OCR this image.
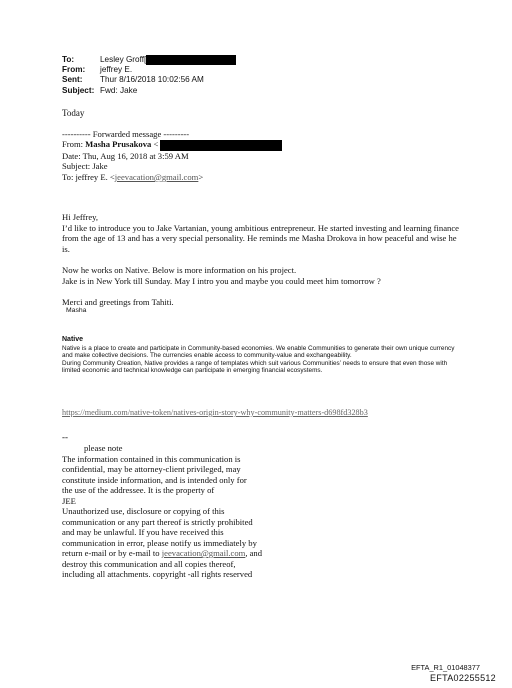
To:	Lesley Groff[
From:	jeffrey E.
Sent:	Thur 8/16/2018 10:02:56 AM
Subject: Fwd: Jake
Today
---------- Forwarded message ---------
From: Masha Prusakova <
Date: Thu, Aug 16, 2018 at 3:59 AM
Subject: Jake
To: jeffrey E. <jeevacation@gmail.com>

Hi Jeffrey,

I’d like to introduce you to Jake Vartanian, young ambitious entrepreneur. He started investing and learning finance from the age of 13 and has a very special personality. He reminds me Masha Drokova in how peaceful and wise he is.

Now he works on Native. Below is more information on his project.

Jake is in New York till Sunday. May I intro you and maybe you could meet him tomorrow ?

Merci and greetings from Tahiti.

Masha

Native
Native is a place to create and participate in Community-based economies. We enable Communities to generate their own unique currency and make collective decisions. The currencies enable access to community-value and exchangeability.
During Community Creation, Native provides a range of templates which suit various Communities’ needs to ensure that even those with limited economic and technical knowledge can participate in emerging financial ecosystems.
https://medium.com/native-token/natives-origin-story-why-community-matters-d698fd328b3
--
please note
The information contained in this communication is
confidential, may be attorney-client privileged, may
constitute inside information, and is intended only for
the use of the addressee. It is the property of
JEE
Unauthorized use, disclosure or copying of this
communication or any part thereof is strictly prohibited
and may be unlawful. If you have received this
communication in error, please notify us immediately by
return e-mail or by e-mail to jeevacation@gmail.com, and
destroy this communication and all copies thereof,
including all attachments. copyright -all rights reserved
EFTA_R1_01048377
EFTA02255512
